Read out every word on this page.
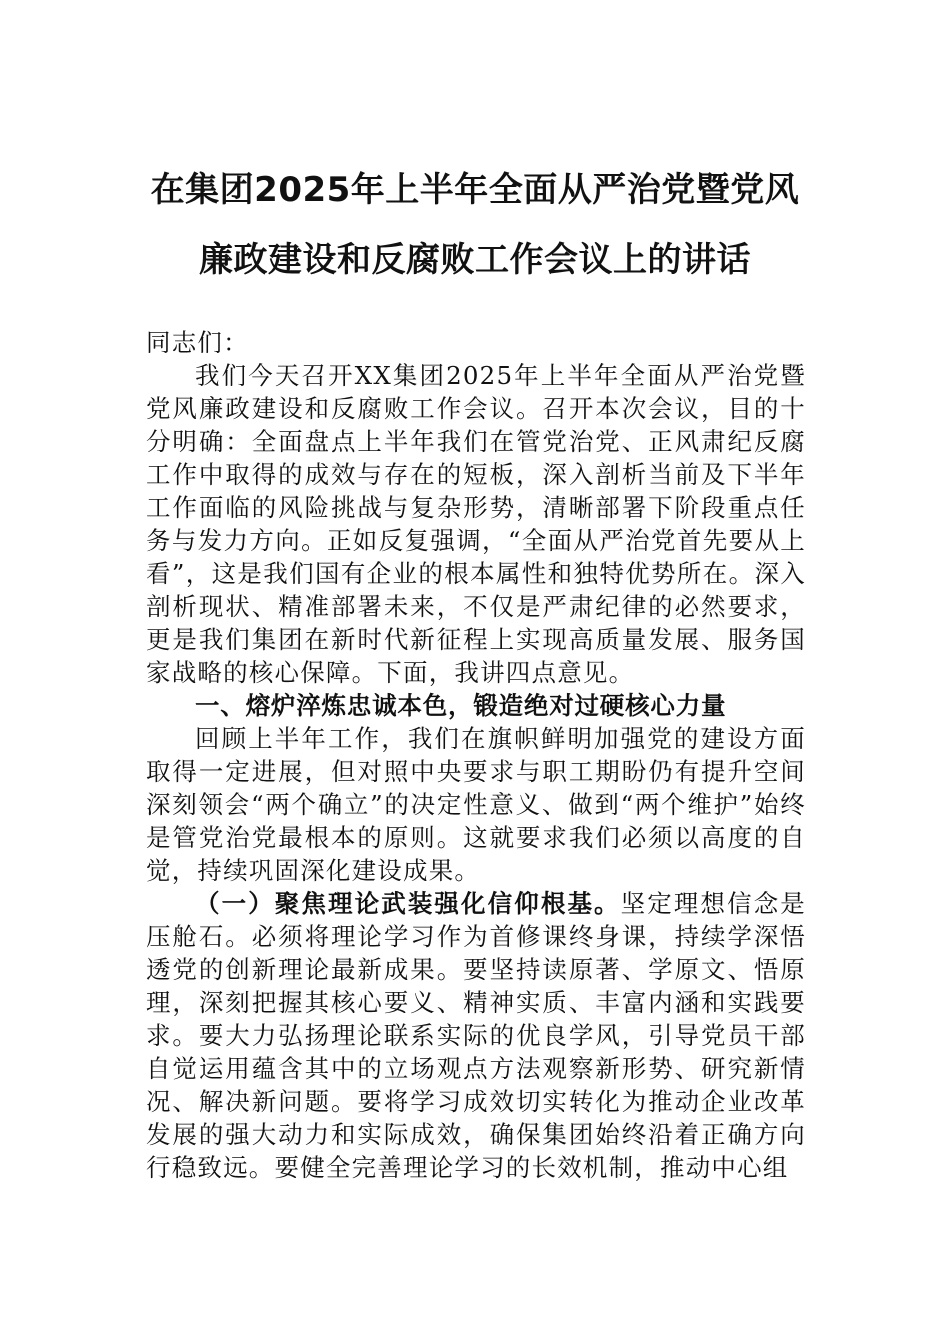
在集团2025年上半年全面从严治党暨党风
廉政建设和反腐败工作会议上的讲话

同志们：

我们今天召开XX集团2025年上半年全面从严治党暨党风廉政建设和反腐败工作会议。召开本次会议，目的十分明确：全面盘点上半年我们在管党治党、正风肃纪反腐工作中取得的成效与存在的短板，深入剖析当前及下半年工作面临的风险挑战与复杂形势，清晰部署下阶段重点任务与发力方向。正如反复强调，“全面从严治党首先要从上看”，这是我们国有企业的根本属性和独特优势所在。深入剖析现状、精准部署未来，不仅是严肃纪律的必然要求，更是我们集团在新时代新征程上实现高质量发展、服务国家战略的核心保障。下面，我讲四点意见。

一、熔炉淬炼忠诚本色，锻造绝对过硬核心力量

回顾上半年工作，我们在旗帜鲜明加强党的建设方面取得一定进展，但对照中央要求与职工期盼仍有提升空间深刻领会“两个确立”的决定性意义、做到“两个维护”始终是管党治党最根本的原则。这就要求我们必须以高度的自觉，持续巩固深化建设成果。

（一）聚焦理论武装强化信仰根基。坚定理想信念是压舱石。必须将理论学习作为首修课终身课，持续学深悟透党的创新理论最新成果。要坚持读原著、学原文、悟原理，深刻把握其核心要义、精神实质、丰富内涵和实践要求。要大力弘扬理论联系实际的优良学风，引导党员干部自觉运用蕴含其中的立场观点方法观察新形势、研究新情况、解决新问题。要将学习成效切实转化为推动企业改革发展的强大动力和实际成效，确保集团始终沿着正确方向行稳致远。要健全完善理论学习的长效机制，推动中心组
